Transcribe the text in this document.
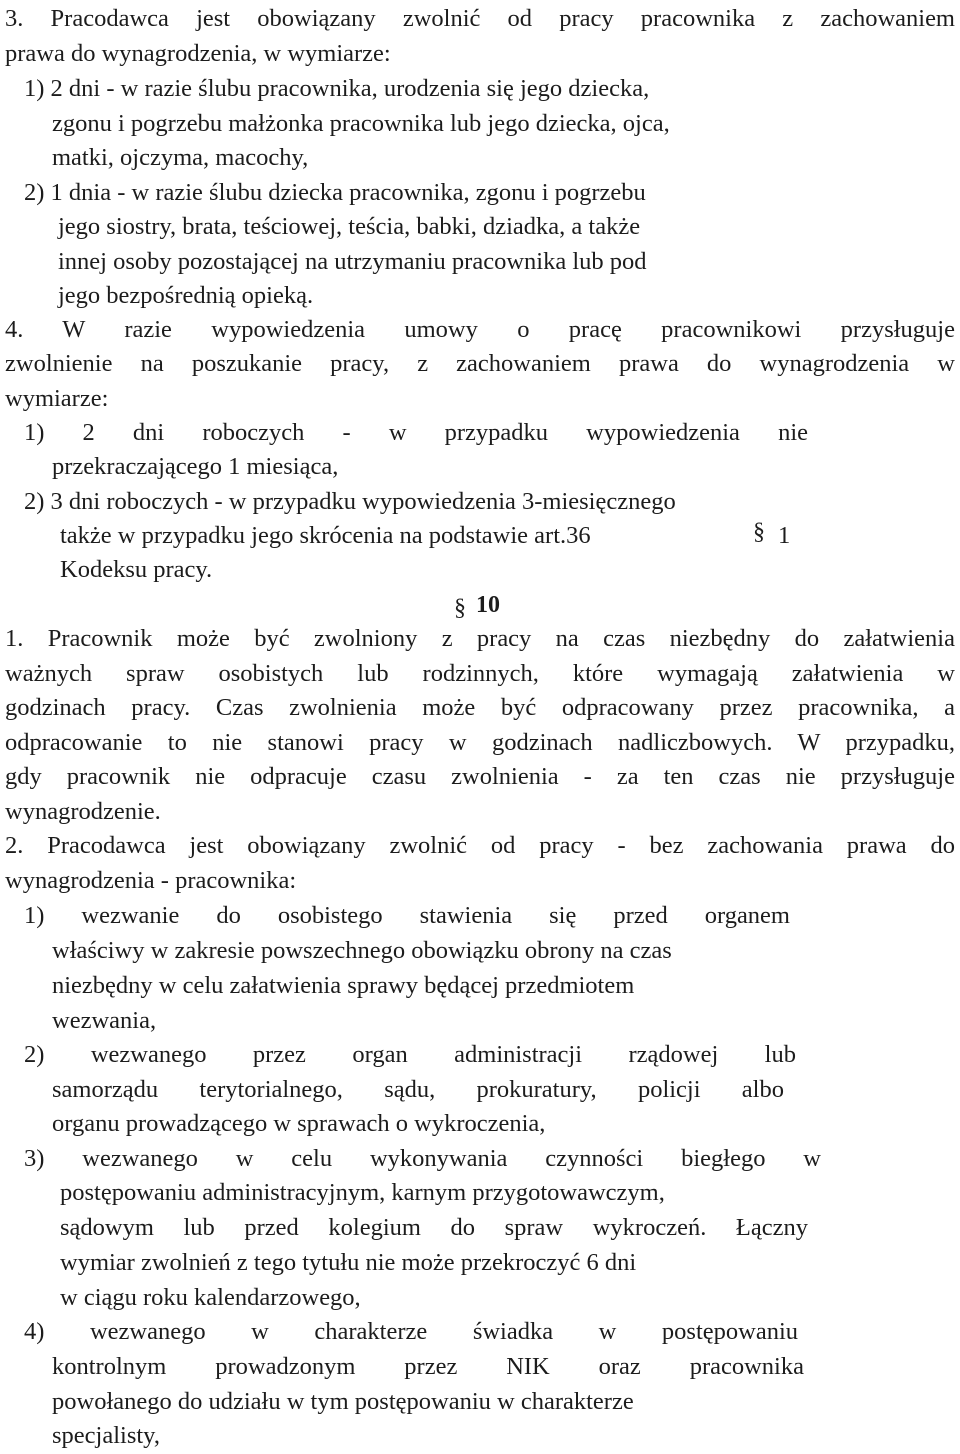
3. Pracodawca jest obowiązany zwolnić od pracy pracownika z zachowaniem
prawa do wynagrodzenia, w wymiarze:
1) 2 dni - w razie ślubu pracownika, urodzenia się jego dziecka,
zgonu i pogrzebu małżonka pracownika lub jego dziecka, ojca,
matki, ojczyma, macochy,
2) 1 dnia - w razie ślubu dziecka pracownika, zgonu i pogrzebu
jego siostry, brata, teściowej, teścia, babki, dziadka, a także
innej osoby pozostającej na utrzymaniu pracownika lub pod
jego bezpośrednią opieką.
4. W razie wypowiedzenia umowy o pracę pracownikowi przysługuje
zwolnienie na poszukanie pracy, z zachowaniem prawa do wynagrodzenia w
wymiarze:
1) 2 dni roboczych - w przypadku wypowiedzenia nie
przekraczającego 1 miesiąca,
2) 3 dni roboczych - w przypadku wypowiedzenia 3-miesięcznego
także w przypadku jego skrócenia na podstawie art.36	§ 1
Kodeksu pracy.
§ 10
1. Pracownik może być zwolniony z pracy na czas niezbędny do załatwienia
ważnych spraw osobistych lub rodzinnych, które wymagają załatwienia w
godzinach pracy. Czas zwolnienia może być odpracowany przez pracownika, a
odpracowanie to nie stanowi pracy w godzinach nadliczbowych. W przypadku,
gdy pracownik nie odpracuje czasu zwolnienia - za ten czas nie przysługuje
wynagrodzenie.
2. Pracodawca jest obowiązany zwolnić od pracy - bez zachowania prawa do
wynagrodzenia - pracownika:
1) wezwanie do osobistego stawienia się przed organem
właściwy w zakresie powszechnego obowiązku obrony na czas
niezbędny w celu załatwienia sprawy będącej przedmiotem
wezwania,
2) wezwanego przez organ administracji rządowej lub
samorządu terytorialnego, sądu, prokuratury, policji albo
organu prowadzącego w sprawach o wykroczenia,
3) wezwanego w celu wykonywania czynności biegłego w
postępowaniu administracyjnym, karnym przygotowawczym,
sądowym lub przed kolegium do spraw wykroczeń. Łączny
wymiar zwolnień z tego tytułu nie może przekroczyć 6 dni
w ciągu roku kalendarzowego,
4) wezwanego w charakterze świadka w postępowaniu
kontrolnym prowadzonym przez NIK oraz pracownika
powołanego do udziału w tym postępowaniu w charakterze
specjalisty,
